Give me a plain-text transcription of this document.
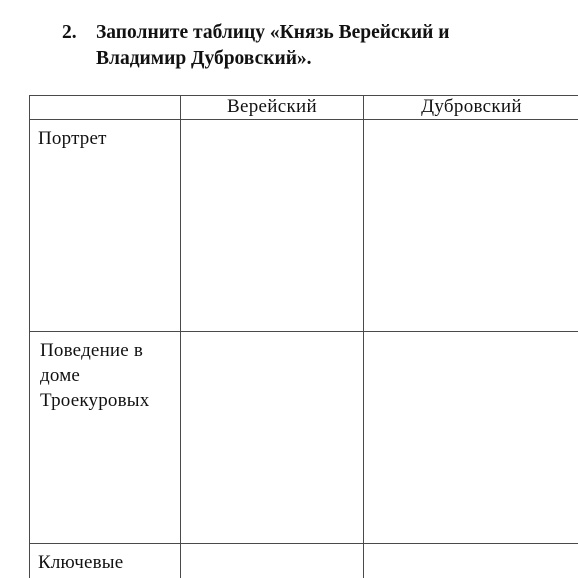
2. Заполните таблицу «Князь Верейский и
Владимир Дубровский».
	Верейский	Дубровский

Портрет		

Поведение в
доме
Троекуровых		

Ключевые		
